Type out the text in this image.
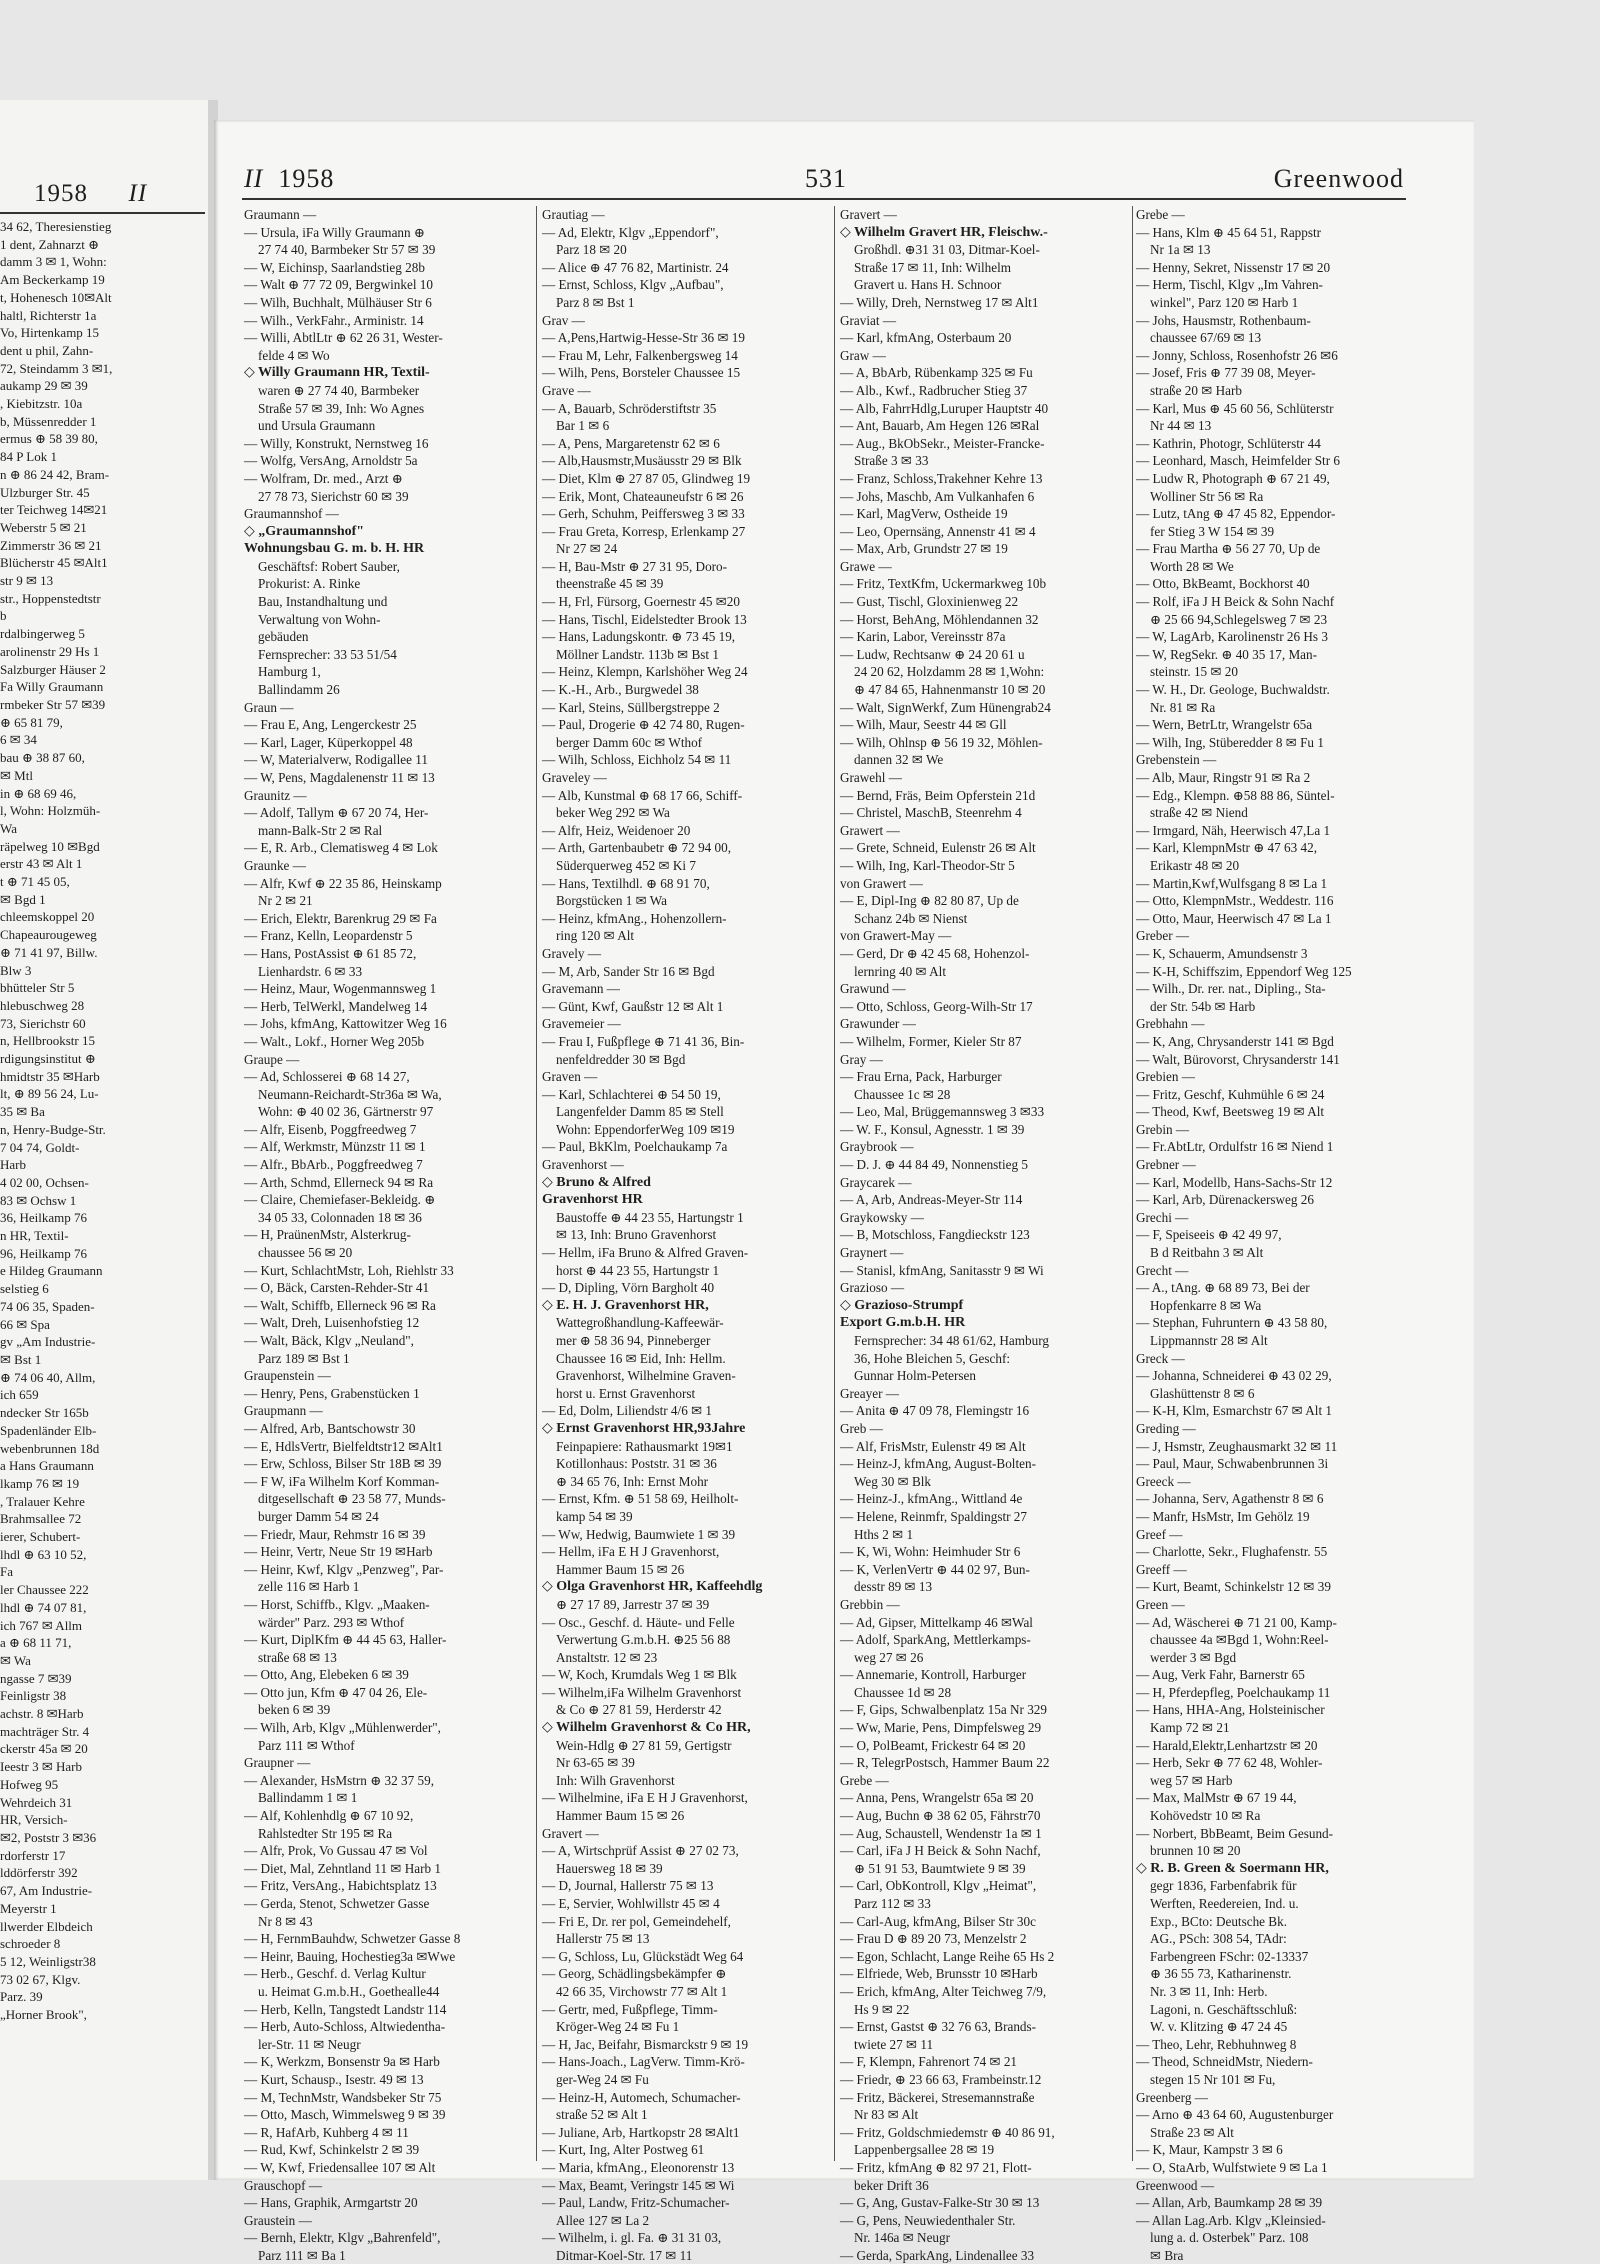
1958 II
34 62, Theresienstieg
1 dent, Zahnarzt ⊕
damm 3 ✉ 1, Wohn:
Am Beckerkamp 19
t, Hohenesch 10✉Alt
haltl, Richterstr 1a
Vo, Hirtenkamp 15
dent u phil, Zahn-
72, Steindamm 3 ✉1,
aukamp 29 ✉ 39
, Kiebitzstr. 10a
b, Müssenredder 1
ermus ⊕ 58 39 80,
84 P Lok 1
n ⊕ 86 24 42, Bram-
Ulzburger Str. 45
ter Teichweg 14✉21
Weberstr 5 ✉ 21
Zimmerstr 36 ✉ 21
Blücherstr 45 ✉Alt1
str 9 ✉ 13
str., Hoppenstedtstr
b
rdalbingerweg 5
arolinenstr 29 Hs 1
Salzburger Häuser 2
Fa Willy Graumann
rmbeker Str 57 ✉39
⊕ 65 81 79,
6 ✉ 34
bau ⊕ 38 87 60,
✉ Mtl
in ⊕ 68 69 46,
l, Wohn: Holzmüh-
Wa
räpelweg 10 ✉Bgd
erstr 43 ✉ Alt 1
t ⊕ 71 45 05,
✉ Bgd 1
chleemskoppel 20
Chapeaurougeweg
⊕ 71 41 97, Billw.
Blw 3
bhütteler Str 5
hlebuschweg 28
73, Sierichstr 60
n, Hellbrookstr 15
rdigungsinstitut ⊕
hmidtstr 35 ✉Harb
lt, ⊕ 89 56 24, Lu-
35 ✉ Ba
n, Henry-Budge-Str.
7 04 74, Goldt-
Harb
4 02 00, Ochsen-
83 ✉ Ochsw 1
36, Heilkamp 76
n HR, Textil-
96, Heilkamp 76
e Hildeg Graumann
selstieg 6
74 06 35, Spaden-
66 ✉ Spa
gv „Am Industrie-
✉ Bst 1
⊕ 74 06 40, Allm,
ich 659
ndecker Str 165b
Spadenländer Elb-
webenbrunnen 18d
a Hans Graumann
lkamp 76 ✉ 19
, Tralauer Kehre
Brahmsallee 72
ierer, Schubert-
lhdl ⊕ 63 10 52,
Fa
ler Chaussee 222
lhdl ⊕ 74 07 81,
ich 767 ✉ Allm
a ⊕ 68 11 71,
✉ Wa
ngasse 7 ✉39
Feinligstr 38
achstr. 8 ✉Harb
machträger Str. 4
ckerstr 45a ✉ 20
Ieestr 3 ✉ Harb
Hofweg 95
Wehrdeich 31
HR, Versich-
✉2, Poststr 3 ✉36
rdorferstr 17
lddörferstr 392
67, Am Industrie-
Meyerstr 1
llwerder Elbdeich
schroeder 8
5 12, Weinligstr38
73 02 67, Klgv.
Parz. 39
„Horner Brook",
II 1958	531	Greenwood
Graumann —
— Ursula, iFa Willy Graumann ⊕
27 74 40, Barmbeker Str 57 ✉ 39
— W, Eichinsp, Saarlandstieg 28b
— Walt ⊕ 77 72 09, Bergwinkel 10
— Wilh, Buchhalt, Mülhäuser Str 6
— Wilh., VerkFahr., Arministr. 14
— Willi, AbtlLtr ⊕ 62 26 31, Wester-
felde 4 ✉ Wo
◇ Willy Graumann HR, Textil-
waren ⊕ 27 74 40, Barmbeker
Straße 57 ✉ 39, Inh: Wo Agnes
und Ursula Graumann
— Willy, Konstrukt, Nernstweg 16
— Wolfg, VersAng, Arnoldstr 5a
— Wolfram, Dr. med., Arzt ⊕
27 78 73, Sierichstr 60 ✉ 39
Graumannshof —
◇ „Graumannshof"
Wohnungsbau G. m. b. H. HR
Geschäftsf: Robert Sauber,
Prokurist: A. Rinke
Bau, Instandhaltung und
Verwaltung von Wohn-
gebäuden
Fernsprecher: 33 53 51/54
Hamburg 1,
Ballindamm 26
Graun —
— Frau E, Ang, Lengerckestr 25
— Karl, Lager, Küperkoppel 48
— W, Materialverw, Rodigallee 11
— W, Pens, Magdalenenstr 11 ✉ 13
Graunitz —
— Adolf, Tallym ⊕ 67 20 74, Her-
mann-Balk-Str 2 ✉ Ral
— E, R. Arb., Clematisweg 4 ✉ Lok
Graunke —
— Alfr, Kwf ⊕ 22 35 86, Heinskamp
Nr 2 ✉ 21
— Erich, Elektr, Barenkrug 29 ✉ Fa
— Franz, Kelln, Leopardenstr 5
— Hans, PostAssist ⊕ 61 85 72,
Lienhardstr. 6 ✉ 33
— Heinz, Maur, Wogenmannsweg 1
— Herb, TelWerkl, Mandelweg 14
— Johs, kfmAng, Kattowitzer Weg 16
— Walt., Lokf., Horner Weg 205b
Graupe —
— Ad, Schlosserei ⊕ 68 14 27,
Neumann-Reichardt-Str36a ✉ Wa,
Wohn: ⊕ 40 02 36, Gärtnerstr 97
— Alfr, Eisenb, Poggfreedweg 7
— Alf, Werkmstr, Münzstr 11 ✉ 1
— Alfr., BbArb., Poggfreedweg 7
— Arth, Schmd, Ellerneck 94 ✉ Ra
— Claire, Chemiefaser-Bekleidg. ⊕
34 05 33, Colonnaden 18 ✉ 36
— H, PraünenMstr, Alsterkrug-
chaussee 56 ✉ 20
— Kurt, SchlachtMstr, Loh, Riehlstr 33
— O, Bäck, Carsten-Rehder-Str 41
— Walt, Schiffb, Ellerneck 96 ✉ Ra
— Walt, Dreh, Luisenhofstieg 12
— Walt, Bäck, Klgv „Neuland",
Parz 189 ✉ Bst 1
Graupenstein —
— Henry, Pens, Grabenstücken 1
Graupmann —
— Alfred, Arb, Bantschowstr 30
— E, HdlsVertr, Bielfeldtstr12 ✉Alt1
— Erw, Schloss, Bilser Str 18B ✉ 39
— F W, iFa Wilhelm Korf Komman-
ditgesellschaft ⊕ 23 58 77, Munds-
burger Damm 54 ✉ 24
— Friedr, Maur, Rehmstr 16 ✉ 39
— Heinr, Vertr, Neue Str 19 ✉Harb
— Heinr, Kwf, Klgv „Penzweg", Par-
zelle 116 ✉ Harb 1
— Horst, Schiffb., Klgv. „Maaken-
wärder" Parz. 293 ✉ Wthof
— Kurt, DiplKfm ⊕ 44 45 63, Haller-
straße 68 ✉ 13
— Otto, Ang, Elebeken 6 ✉ 39
— Otto jun, Kfm ⊕ 47 04 26, Ele-
beken 6 ✉ 39
— Wilh, Arb, Klgv „Mühlenwerder",
Parz 111 ✉ Wthof
Graupner —
— Alexander, HsMstrn ⊕ 32 37 59,
Ballindamm 1 ✉ 1
— Alf, Kohlenhdlg ⊕ 67 10 92,
Rahlstedter Str 195 ✉ Ra
— Alfr, Prok, Vo Gussau 47 ✉ Vol
— Diet, Mal, Zehntland 11 ✉ Harb 1
— Fritz, VersAng., Habichtsplatz 13
— Gerda, Stenot, Schwetzer Gasse
Nr 8 ✉ 43
— H, FernmBauhdw, Schwetzer Gasse 8
— Heinr, Bauing, Hochestieg3a ✉Wwe
— Herb., Geschf. d. Verlag Kultur
u. Heimat G.m.b.H., Goethealle44
— Herb, Kelln, Tangstedt Landstr 114
— Herb, Auto-Schloss, Altwiedentha-
ler-Str. 11 ✉ Neugr
— K, Werkzm, Bonsenstr 9a ✉ Harb
— Kurt, Schausp., Isestr. 49 ✉ 13
— M, TechnMstr, Wandsbeker Str 75
— Otto, Masch, Wimmelsweg 9 ✉ 39
— R, HafArb, Kuhberg 4 ✉ 11
— Rud, Kwf, Schinkelstr 2 ✉ 39
— W, Kwf, Friedensallee 107 ✉ Alt
Grauschopf —
— Hans, Graphik, Armgartstr 20
Graustein —
— Bernh, Elektr, Klgv „Bahrenfeld",
Parz 111 ✉ Ba 1
Grautiag —
— Ad, Elektr, Klgv „Eppendorf",
Parz 18 ✉ 20
— Alice ⊕ 47 76 82, Martinistr. 24
— Ernst, Schloss, Klgv „Aufbau",
Parz 8 ✉ Bst 1
Grav —
— A,Pens,Hartwig-Hesse-Str 36 ✉ 19
— Frau M, Lehr, Falkenbergsweg 14
— Wilh, Pens, Borsteler Chaussee 15
Grave —
— A, Bauarb, Schröderstiftstr 35
Bar 1 ✉ 6
— A, Pens, Margaretenstr 62 ✉ 6
— Alb,Hausmstr,Musäusstr 29 ✉ Blk
— Diet, Klm ⊕ 27 87 05, Glindweg 19
— Erik, Mont, Chateauneufstr 6 ✉ 26
— Gerh, Schuhm, Peiffersweg 3 ✉ 33
— Frau Greta, Korresp, Erlenkamp 27
Nr 27 ✉ 24
— H, Bau-Mstr ⊕ 27 31 95, Doro-
theenstraße 45 ✉ 39
— H, Frl, Fürsorg, Goernestr 45 ✉20
— Hans, Tischl, Eidelstedter Brook 13
— Hans, Ladungskontr. ⊕ 73 45 19,
Möllner Landstr. 113b ✉ Bst 1
— Heinz, Klempn, Karlshöher Weg 24
— K.-H., Arb., Burgwedel 38
— Karl, Steins, Süllbergstreppe 2
— Paul, Drogerie ⊕ 42 74 80, Rugen-
berger Damm 60c ✉ Wthof
— Wilh, Schloss, Eichholz 54 ✉ 11
Graveley —
— Alb, Kunstmal ⊕ 68 17 66, Schiff-
beker Weg 292 ✉ Wa
— Alfr, Heiz, Weidenoer 20
— Arth, Gartenbaubetr ⊕ 72 94 00,
Süderquerweg 452 ✉ Ki 7
— Hans, Textilhdl. ⊕ 68 91 70,
Borgstücken 1 ✉ Wa
— Heinz, kfmAng., Hohenzollern-
ring 120 ✉ Alt
Gravely —
— M, Arb, Sander Str 16 ✉ Bgd
Gravemann —
— Günt, Kwf, Gaußstr 12 ✉ Alt 1
Gravemeier —
— Frau I, Fußpflege ⊕ 71 41 36, Bin-
nenfeldredder 30 ✉ Bgd
Graven —
— Karl, Schlachterei ⊕ 54 50 19,
Langenfelder Damm 85 ✉ Stell
Wohn: EppendorferWeg 109 ✉19
— Paul, BkKlm, Poelchaukamp 7a
Gravenhorst —
◇ Bruno & Alfred
Gravenhorst HR
Baustoffe ⊕ 44 23 55, Hartungstr 1
✉ 13, Inh: Bruno Gravenhorst
— Hellm, iFa Bruno & Alfred Graven-
horst ⊕ 44 23 55, Hartungstr 1
— D, Dipling, Vörn Bargholt 40
◇ E. H. J. Gravenhorst HR,
Wattegroßhandlung-Kaffeewär-
mer ⊕ 58 36 94, Pinneberger
Chaussee 16 ✉ Eid, Inh: Hellm.
Gravenhorst, Wilhelmine Graven-
horst u. Ernst Gravenhorst
— Ed, Dolm, Liliendstr 4/6 ✉ 1
◇ Ernst Gravenhorst HR,93Jahre
Feinpapiere: Rathausmarkt 19✉1
Kotillonhaus: Poststr. 31 ✉ 36
⊕ 34 65 76, Inh: Ernst Mohr
— Ernst, Kfm. ⊕ 51 58 69, Heilholt-
kamp 54 ✉ 39
— Ww, Hedwig, Baumwiete 1 ✉ 39
— Hellm, iFa E H J Gravenhorst,
Hammer Baum 15 ✉ 26
◇ Olga Gravenhorst HR, Kaffeehdlg
⊕ 27 17 89, Jarrestr 37 ✉ 39
— Osc., Geschf. d. Häute- und Felle
Verwertung G.m.b.H. ⊕25 56 88
Anstaltstr. 12 ✉ 23
— W, Koch, Krumdals Weg 1 ✉ Blk
— Wilhelm,iFa Wilhelm Gravenhorst
& Co ⊕ 27 81 59, Herderstr 42
◇ Wilhelm Gravenhorst & Co HR,
Wein-Hdlg ⊕ 27 81 59, Gertigstr
Nr 63-65 ✉ 39
Inh: Wilh Gravenhorst
— Wilhelmine, iFa E H J Gravenhorst,
Hammer Baum 15 ✉ 26
Gravert —
— A, Wirtschprüf Assist ⊕ 27 02 73,
Hauersweg 18 ✉ 39
— D, Journal, Hallerstr 75 ✉ 13
— E, Servier, Wohlwillstr 45 ✉ 4
— Fri E, Dr. rer pol, Gemeindehelf,
Hallerstr 75 ✉ 13
— G, Schloss, Lu, Glückstädt Weg 64
— Georg, Schädlingsbekämpfer ⊕
42 66 35, Virchowstr 77 ✉ Alt 1
— Gertr, med, Fußpflege, Timm-
Kröger-Weg 24 ✉ Fu 1
— H, Jac, Beifahr, Bismarckstr 9 ✉ 19
— Hans-Joach., LagVerw. Timm-Krö-
ger-Weg 24 ✉ Fu
— Heinz-H, Automech, Schumacher-
straße 52 ✉ Alt 1
— Juliane, Arb, Hartkopstr 28 ✉Alt1
— Kurt, Ing, Alter Postweg 61
— Maria, kfmAng., Eleonorenstr 13
— Max, Beamt, Veringstr 145 ✉ Wi
— Paul, Landw, Fritz-Schumacher-
Allee 127 ✉ La 2
— Wilhelm, i. gl. Fa. ⊕ 31 31 03,
Ditmar-Koel-Str. 17 ✉ 11
Gravert —
◇ Wilhelm Gravert HR, Fleischw.-
Großhdl. ⊕31 31 03, Ditmar-Koel-
Straße 17 ✉ 11, Inh: Wilhelm
Gravert u. Hans H. Schnoor
— Willy, Dreh, Nernstweg 17 ✉ Alt1
Graviat —
— Karl, kfmAng, Osterbaum 20
Graw —
— A, BbArb, Rübenkamp 325 ✉ Fu
— Alb., Kwf., Radbrucher Stieg 37
— Alb, FahrrHdlg,Luruper Hauptstr 40
— Ant, Bauarb, Am Hegen 126 ✉Ral
— Aug., BkObSekr., Meister-Francke-
Straße 3 ✉ 33
— Franz, Schloss,Trakehner Kehre 13
— Johs, Maschb, Am Vulkanhafen 6
— Karl, MagVerw, Ostheide 19
— Leo, Opernsäng, Annenstr 41 ✉ 4
— Max, Arb, Grundstr 27 ✉ 19
Grawe —
— Fritz, TextKfm, Uckermarkweg 10b
— Gust, Tischl, Gloxinienweg 22
— Horst, BehAng, Möhlendannen 32
— Karin, Labor, Vereinsstr 87a
— Ludw, Rechtsanw ⊕ 24 20 61 u
24 20 62, Holzdamm 28 ✉ 1,Wohn:
⊕ 47 84 65, Hahnenmanstr 10 ✉ 20
— Walt, SignWerkf, Zum Hünengrab24
— Wilh, Maur, Seestr 44 ✉ Gll
— Wilh, Ohlnsp ⊕ 56 19 32, Möhlen-
dannen 32 ✉ We
Grawehl —
— Bernd, Fräs, Beim Opferstein 21d
— Christel, MaschB, Steenrehm 4
Grawert —
— Grete, Schneid, Eulenstr 26 ✉ Alt
— Wilh, Ing, Karl-Theodor-Str 5
von Grawert —
— E, Dipl-Ing ⊕ 82 80 87, Up de
Schanz 24b ✉ Nienst
von Grawert-May —
— Gerd, Dr ⊕ 42 45 68, Hohenzol-
lernring 40 ✉ Alt
Grawund —
— Otto, Schloss, Georg-Wilh-Str 17
Grawunder —
— Wilhelm, Former, Kieler Str 87
Gray —
— Frau Erna, Pack, Harburger
Chaussee 1c ✉ 28
— Leo, Mal, Brüggemannsweg 3 ✉33
— W. F., Konsul, Agnesstr. 1 ✉ 39
Graybrook —
— D. J. ⊕ 44 84 49, Nonnenstieg 5
Graycarek —
— A, Arb, Andreas-Meyer-Str 114
Graykowsky —
— B, Motschloss, Fangdieckstr 123
Graynert —
— Stanisl, kfmAng, Sanitasstr 9 ✉ Wi
Grazioso —
◇ Grazioso-Strumpf
Export G.m.b.H. HR
Fernsprecher: 34 48 61/62, Hamburg
36, Hohe Bleichen 5, Geschf:
Gunnar Holm-Petersen
Greayer —
— Anita ⊕ 47 09 78, Flemingstr 16
Greb —
— Alf, FrisMstr, Eulenstr 49 ✉ Alt
— Heinz-J, kfmAng, August-Bolten-
Weg 30 ✉ Blk
— Heinz-J., kfmAng., Wittland 4e
— Helene, Reinmfr, Spaldingstr 27
Hths 2 ✉ 1
— K, Wi, Wohn: Heimhuder Str 6
— K, VerlenVertr ⊕ 44 02 97, Bun-
desstr 89 ✉ 13
Grebbin —
— Ad, Gipser, Mittelkamp 46 ✉Wal
— Adolf, SparkAng, Mettlerkamps-
weg 27 ✉ 26
— Annemarie, Kontroll, Harburger
Chaussee 1d ✉ 28
— F, Gips, Schwalbenplatz 15a Nr 329
— Ww, Marie, Pens, Dimpfelsweg 29
— O, PolBeamt, Frickestr 64 ✉ 20
— R, TelegrPostsch, Hammer Baum 22
Grebe —
— Anna, Pens, Wrangelstr 65a ✉ 20
— Aug, Buchn ⊕ 38 62 05, Fährstr70
— Aug, Schaustell, Wendenstr 1a ✉ 1
— Carl, iFa J H Beick & Sohn Nachf,
⊕ 51 91 53, Baumtwiete 9 ✉ 39
— Carl, ObKontroll, Klgv „Heimat",
Parz 112 ✉ 33
— Carl-Aug, kfmAng, Bilser Str 30c
— Frau D ⊕ 89 20 73, Menzelstr 2
— Egon, Schlacht, Lange Reihe 65 Hs 2
— Elfriede, Web, Brunsstr 10 ✉Harb
— Erich, kfmAng, Alter Teichweg 7/9,
Hs 9 ✉ 22
— Ernst, Gastst ⊕ 32 76 63, Brands-
twiete 27 ✉ 11
— F, Klempn, Fahrenort 74 ✉ 21
— Friedr, ⊕ 23 66 63, Frambeinstr.12
— Fritz, Bäckerei, Stresemannstraße
Nr 83 ✉ Alt
— Fritz, Goldschmiedemstr ⊕ 40 86 91,
Lappenbergsallee 28 ✉ 19
— Fritz, kfmAng ⊕ 82 97 21, Flott-
beker Drift 36
— G, Ang, Gustav-Falke-Str 30 ✉ 13
— G, Pens, Neuwiedenthaler Str.
Nr. 146a ✉ Neugr
— Gerda, SparkAng, Lindenallee 33
Grebe —
— Hans, Klm ⊕ 45 64 51, Rappstr
Nr 1a ✉ 13
— Henny, Sekret, Nissenstr 17 ✉ 20
— Herm, Tischl, Klgv „Im Vahren-
winkel", Parz 120 ✉ Harb 1
— Johs, Hausmstr, Rothenbaum-
chaussee 67/69 ✉ 13
— Jonny, Schloss, Rosenhofstr 26 ✉6
— Josef, Fris ⊕ 77 39 08, Meyer-
straße 20 ✉ Harb
— Karl, Mus ⊕ 45 60 56, Schlüterstr
Nr 44 ✉ 13
— Kathrin, Photogr, Schlüterstr 44
— Leonhard, Masch, Heimfelder Str 6
— Ludw R, Photograph ⊕ 67 21 49,
Wolliner Str 56 ✉ Ra
— Lutz, tAng ⊕ 47 45 82, Eppendor-
fer Stieg 3 W 154 ✉ 39
— Frau Martha ⊕ 56 27 70, Up de
Worth 28 ✉ We
— Otto, BkBeamt, Bockhorst 40
— Rolf, iFa J H Beick & Sohn Nachf
⊕ 25 66 94,Schlegelsweg 7 ✉ 23
— W, LagArb, Karolinenstr 26 Hs 3
— W, RegSekr. ⊕ 40 35 17, Man-
steinstr. 15 ✉ 20
— W. H., Dr. Geologe, Buchwaldstr.
Nr. 81 ✉ Ra
— Wern, BetrLtr, Wrangelstr 65a
— Wilh, Ing, Stüberedder 8 ✉ Fu 1
Grebenstein —
— Alb, Maur, Ringstr 91 ✉ Ra 2
— Edg., Klempn. ⊕58 88 86, Süntel-
straße 42 ✉ Niend
— Irmgard, Näh, Heerwisch 47,La 1
— Karl, KlempnMstr ⊕ 47 63 42,
Erikastr 48 ✉ 20
— Martin,Kwf,Wulfsgang 8 ✉ La 1
— Otto, KlempnMstr., Weddestr. 116
— Otto, Maur, Heerwisch 47 ✉ La 1
Greber —
— K, Schauerm, Amundsenstr 3
— K-H, Schiffszim, Eppendorf Weg 125
— Wilh., Dr. rer. nat., Dipling., Sta-
der Str. 54b ✉ Harb
Grebhahn —
— K, Ang, Chrysanderstr 141 ✉ Bgd
— Walt, Bürovorst, Chrysanderstr 141
Grebien —
— Fritz, Geschf, Kuhmühle 6 ✉ 24
— Theod, Kwf, Beetsweg 19 ✉ Alt
Grebin —
— Fr.AbtLtr, Ordulfstr 16 ✉ Niend 1
Grebner —
— Karl, Modellb, Hans-Sachs-Str 12
— Karl, Arb, Dürenackersweg 26
Grechi —
— F, Speiseeis ⊕ 42 49 97,
B d Reitbahn 3 ✉ Alt
Grecht —
— A., tAng. ⊕ 68 89 73, Bei der
Hopfenkarre 8 ✉ Wa
— Stephan, Fuhruntern ⊕ 43 58 80,
Lippmannstr 28 ✉ Alt
Greck —
— Johanna, Schneiderei ⊕ 43 02 29,
Glashüttenstr 8 ✉ 6
— K-H, Klm, Esmarchstr 67 ✉ Alt 1
Greding —
— J, Hsmstr, Zeughausmarkt 32 ✉ 11
— Paul, Maur, Schwabenbrunnen 3i
Greeck —
— Johanna, Serv, Agathenstr 8 ✉ 6
— Manfr, HsMstr, Im Gehölz 19
Greef —
— Charlotte, Sekr., Flughafenstr. 55
Greeff —
— Kurt, Beamt, Schinkelstr 12 ✉ 39
Green —
— Ad, Wäscherei ⊕ 71 21 00, Kamp-
chaussee 4a ✉Bgd 1, Wohn:Reel-
werder 3 ✉ Bgd
— Aug, Verk Fahr, Barnerstr 65
— H, Pferdepfleg, Poelchaukamp 11
— Hans, HHA-Ang, Holsteinischer
Kamp 72 ✉ 21
— Harald,Elektr,Lenhartzstr ✉ 20
— Herb, Sekr ⊕ 77 62 48, Wohler-
weg 57 ✉ Harb
— Max, MalMstr ⊕ 67 19 44,
Kohövedstr 10 ✉ Ra
— Norbert, BbBeamt, Beim Gesund-
brunnen 10 ✉ 20
◇ R. B. Green & Soermann HR,
gegr 1836, Farbenfabrik für
Werften, Reedereien, Ind. u.
Exp., BCto: Deutsche Bk.
AG., PSch: 308 54, TAdr:
Farbengreen FSchr: 02-13337
⊕ 36 55 73, Katharinenstr.
Nr. 3 ✉ 11, Inh: Herb.
Lagoni, n. Geschäftsschluß:
W. v. Klitzing ⊕ 47 24 45
— Theo, Lehr, Rebhuhnweg 8
— Theod, SchneidMstr, Niedern-
stegen 15 Nr 101 ✉ Fu,
Greenberg —
— Arno ⊕ 43 64 60, Augustenburger
Straße 23 ✉ Alt
— K, Maur, Kampstr 3 ✉ 6
— O, StaArb, Wulfstwiete 9 ✉ La 1
Greenwood —
— Allan, Arb, Baumkamp 28 ✉ 39
— Allan Lag.Arb. Klgv „Kleinsied-
lung a. d. Osterbek" Parz. 108
✉ Bra
